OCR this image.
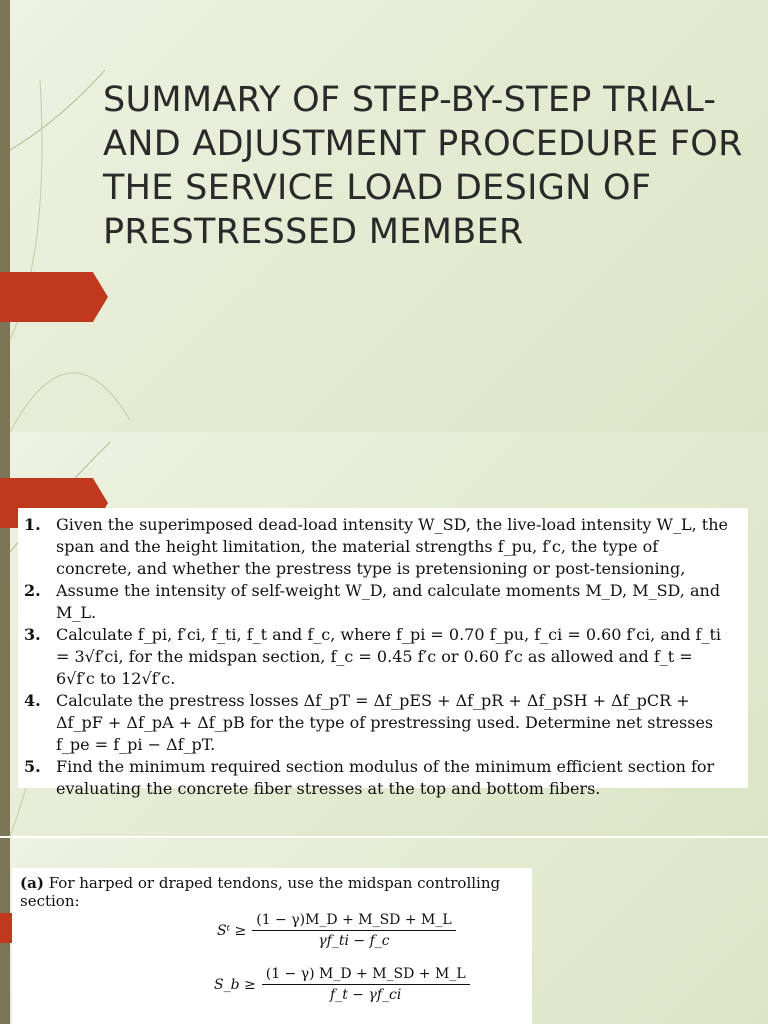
SUMMARY OF STEP-BY-STEP TRIAL-AND ADJUSTMENT PROCEDURE FOR THE SERVICE LOAD DESIGN OF PRESTRESSED MEMBER
1. Given the superimposed dead-load intensity W_SD, the live-load intensity W_L, the span and the height limitation, the material strengths f_pu, f′c, the type of concrete, and whether the prestress type is pretensioning or post-tensioning,
2. Assume the intensity of self-weight W_D, and calculate moments M_D, M_SD, and M_L.
3. Calculate f_pi, f′ci, f_ti, f_t and f_c, where f_pi = 0.70 f_pu, f_ci = 0.60 f′ci, and f_ti = 3√f′ci, for the midspan section, f_c = 0.45 f′c or 0.60 f′c as allowed and f_t = 6√f′c to 12√f′c.
4. Calculate the prestress losses Δf_pT = Δf_pES + Δf_pR + Δf_pSH + Δf_pCR + Δf_pF + Δf_pA + Δf_pB for the type of prestressing used. Determine net stresses f_pe = f_pi − Δf_pT.
5. Find the minimum required section modulus of the minimum efficient section for evaluating the concrete fiber stresses at the top and bottom fibers.
(a) For harped or draped tendons, use the midspan controlling section:
Sᵗ ≥ $\frac{(1 - \gamma)M\_D + M\_SD + M\_L}{\gamma f\_ti - f\_c}$
S_b ≥ $\frac{(1 - \gamma) M\_D + M\_SD + M\_L}{f\_t - \gamma f\_ci}$
